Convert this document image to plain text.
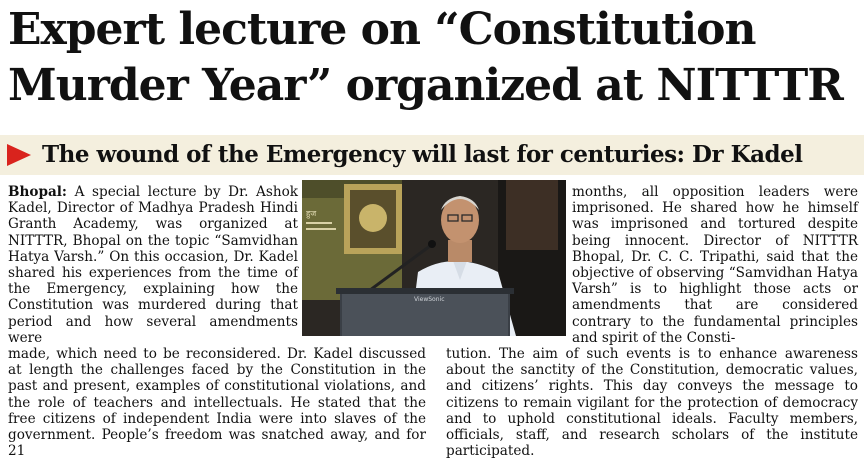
Expert lecture on “Constitution Murder Year” organized at NITTTR
The wound of the Emergency will last for centuries: Dr Kadel

Bhopal: A special lecture by Dr. Ashok Kadel, Director of Madhya Pradesh Hindi Granth Academy, was organized at NITTTR, Bhopal on the topic “Samvidhan Hatya Varsh.” On this occasion, Dr. Kadel shared his experiences from the time of the Emergency, explaining how the Constitution was murdered during that period and how several amendments were

हुज
ViewSonic

months, all opposition leaders were imprisoned. He shared how he himself was imprisoned and tortured despite being innocent. Director of NITTTR Bhopal, Dr. C. C. Tripathi, said that the objective of observing “Samvidhan Hatya Varsh” is to highlight those acts or amendments that are considered contrary to the fundamental principles and spirit of the Consti-

made, which need to be reconsidered. Dr. Kadel discussed at length the challenges faced by the Constitution in the past and present, examples of constitutional violations, and the role of teachers and intellectuals. He stated that the free citizens of independent India were into slaves of the government. People’s freedom was snatched away, and for 21

tution. The aim of such events is to enhance awareness about the sanctity of the Constitution, democratic values, and citizens’ rights. This day conveys the message to citizens to remain vigilant for the protection of democracy and to uphold constitutional ideals. Faculty members, officials, staff, and research scholars of the institute participated.
